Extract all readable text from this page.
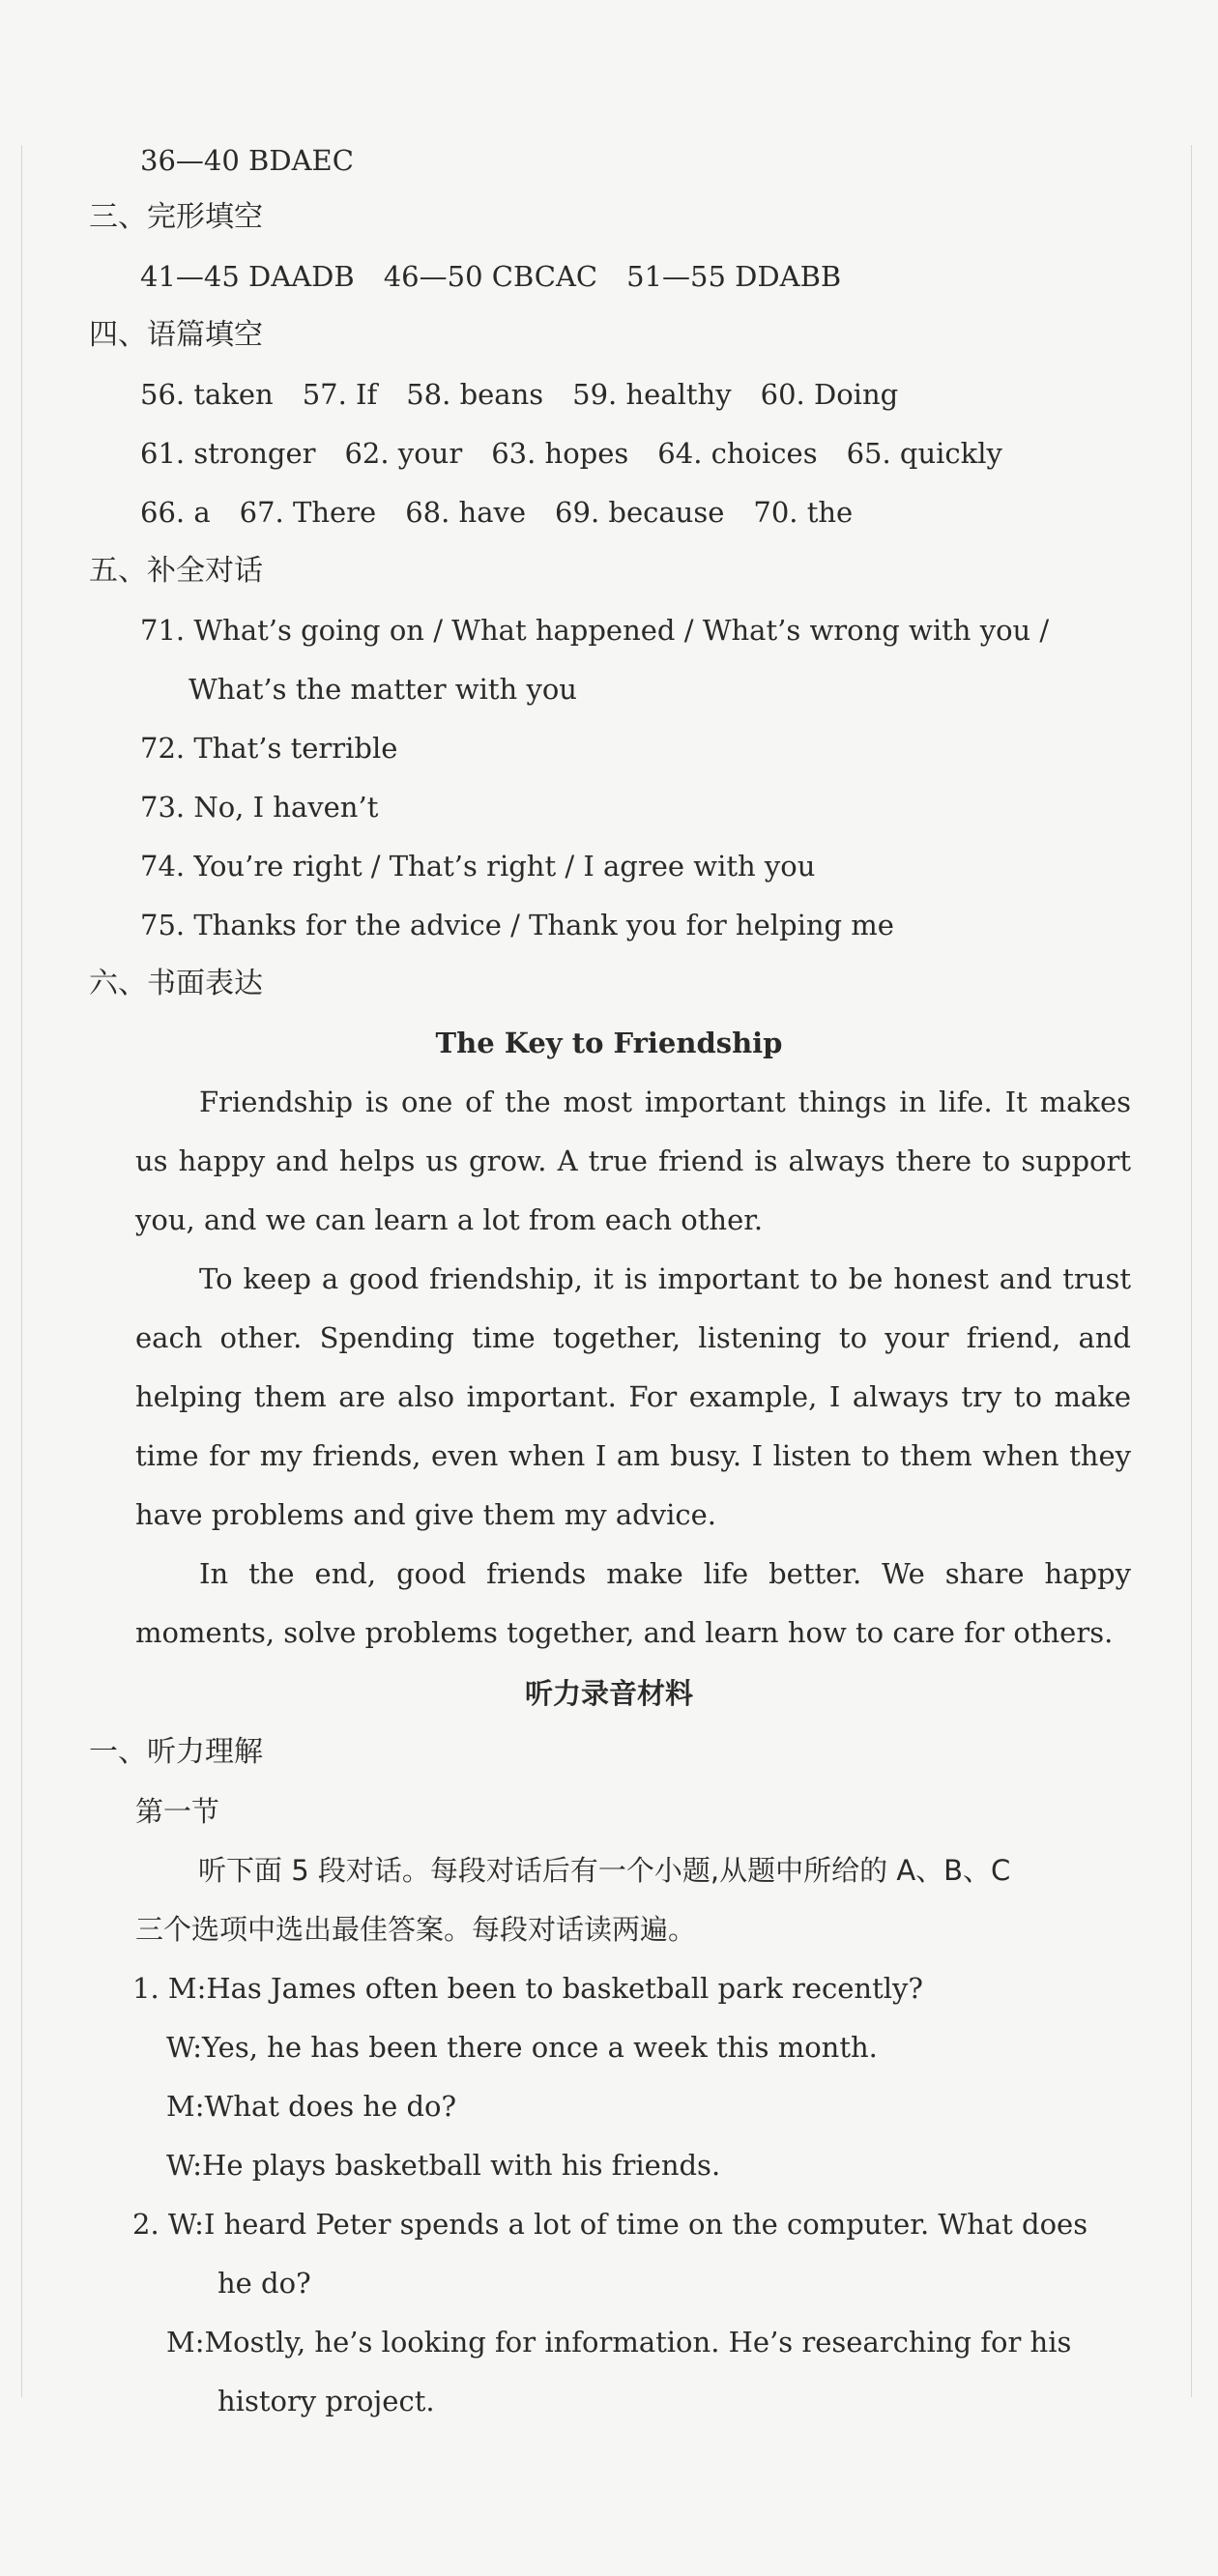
36—40 BDAEC
三、完形填空
41—45 DAADB 46—50 CBCAC 51—55 DDABB
四、语篇填空
56. taken 57. If 58. beans 59. healthy 60. Doing
61. stronger 62. your 63. hopes 64. choices 65. quickly
66. a 67. There 68. have 69. because 70. the
五、补全对话
71. What’s going on / What happened / What’s wrong with you /
What’s the matter with you
72. That’s terrible
73. No, I haven’t
74. You’re right / That’s right / I agree with you
75. Thanks for the advice / Thank you for helping me
六、书面表达
The Key to Friendship

Friendship is one of the most important things in life. It makes us happy and helps us grow. A true friend is always there to support you, and we can learn a lot from each other.

To keep a good friendship, it is important to be honest and trust each other. Spending time together, listening to your friend, and helping them are also important. For example, I always try to make time for my friends, even when I am busy. I listen to them when they have problems and give them my advice.

In the end, good friends make life better. We share happy moments, solve problems together, and learn how to care for others.

听力录音材料
一、听力理解
第一节
听下面 5 段对话。每段对话后有一个小题,从题中所给的 A、B、C
三个选项中选出最佳答案。每段对话读两遍。
1. M:Has James often been to basketball park recently?
W:Yes, he has been there once a week this month.
M:What does he do?
W:He plays basketball with his friends.
2. W:I heard Peter spends a lot of time on the computer. What does
he do?
M:Mostly, he’s looking for information. He’s researching for his
history project.
